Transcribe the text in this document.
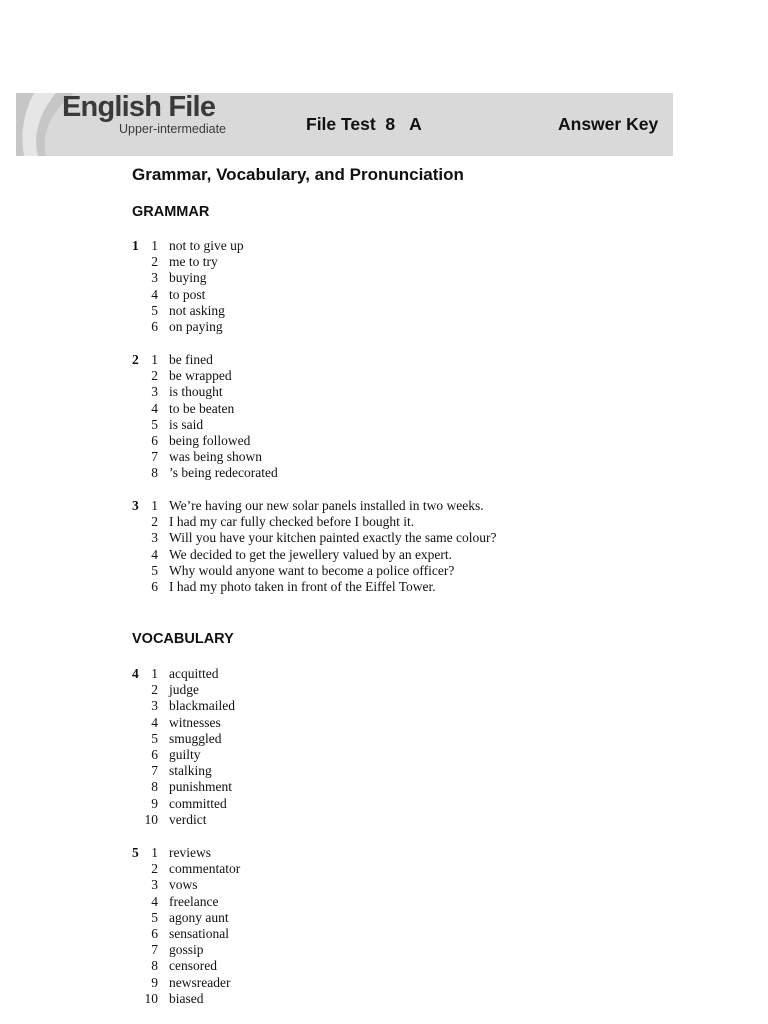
English File
Upper-intermediate	File Test  8   A	Answer Key
Grammar, Vocabulary, and Pronunciation
GRAMMAR
1 1 not to give up
2 me to try
3 buying
4 to post
5 not asking
6 on paying
2 1 be fined
2 be wrapped
3 is thought
4 to be beaten
5 is said
6 being followed
7 was being shown
8 ’s being redecorated
3 1 We’re having our new solar panels installed in two weeks.
2 I had my car fully checked before I bought it.
3 Will you have your kitchen painted exactly the same colour?
4 We decided to get the jewellery valued by an expert.
5 Why would anyone want to become a police officer?
6 I had my photo taken in front of the Eiffel Tower.
VOCABULARY
4 1 acquitted
2 judge
3 blackmailed
4 witnesses
5 smuggled
6 guilty
7 stalking
8 punishment
9 committed
10 verdict
5 1 reviews
2 commentator
3 vows
4 freelance
5 agony aunt
6 sensational
7 gossip
8 censored
9 newsreader
10 biased
